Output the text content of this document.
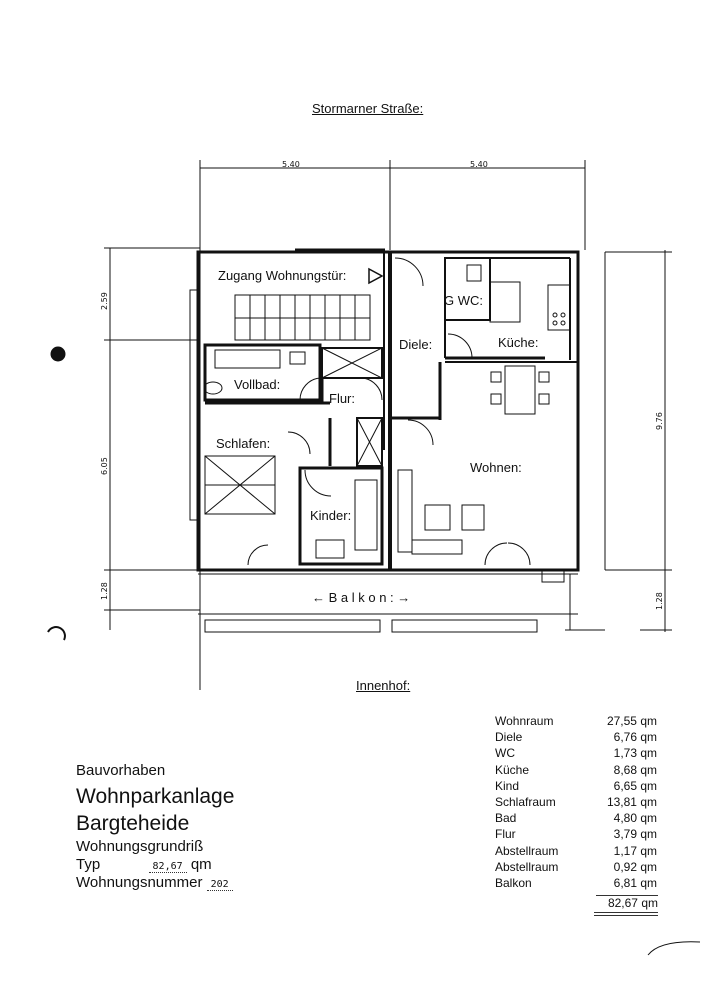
Stormarner Straße:
Innenhof:
5.40	5.40
2.59
6.05
1.28
9.76
1.28
Zugang Wohnungstür:
G WC:
Diele:	Küche:
Vollbad:
Flur:
Schlafen:
Wohnen:
Kinder:
← B a l k o n : →
Bauvorhaben
Wohnparkanlage
Bargteheide
Wohnungsgrundriß
Typ	82,67 qm
Wohnungsnummer 202
Wohnraum	27,55 qm
Diele	6,76 qm
WC	1,73 qm
Küche	8,68 qm
Kind	6,65 qm
Schlafraum	13,81 qm
Bad	4,80 qm
Flur	3,79 qm
Abstellraum	1,17 qm
Abstellraum	0,92 qm
Balkon	6,81 qm
82,67 qm
